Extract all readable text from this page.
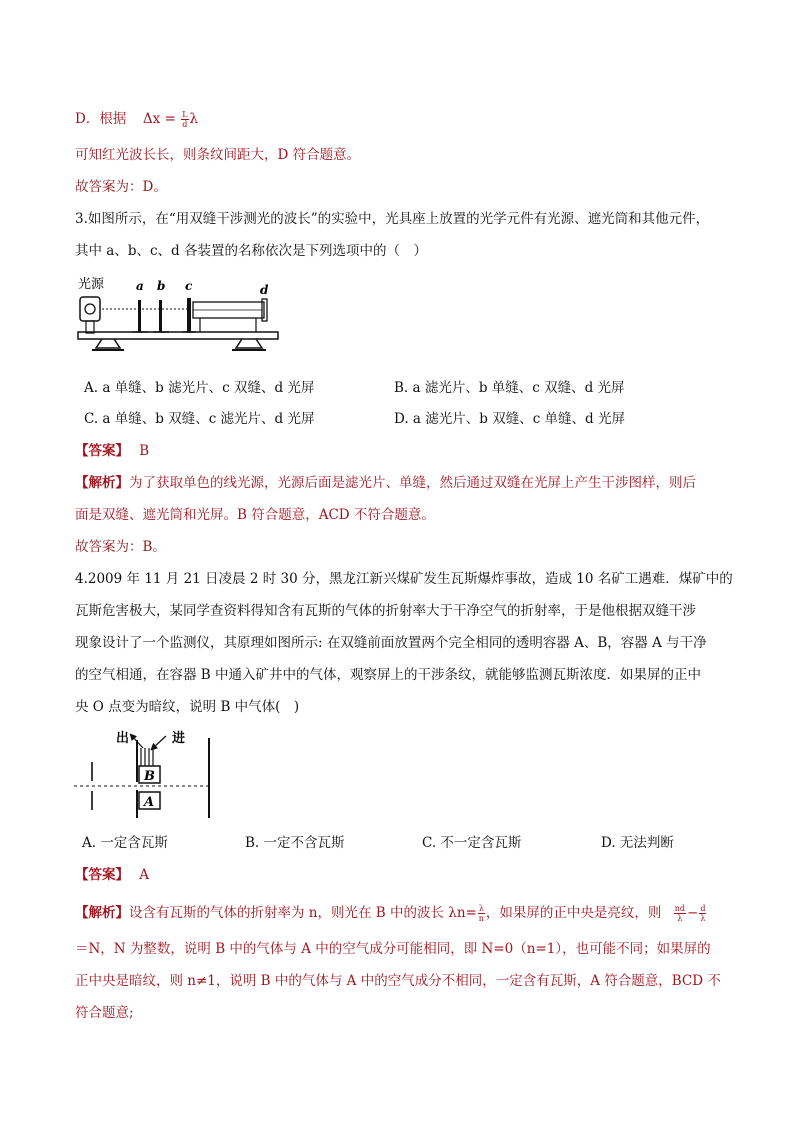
D．根据 $\Delta x = \frac{L}{d}$ λ
可知红光波长长，则条纹间距大，D 符合题意。
故答案为：D。
3.如图所示，在“用双缝干涉测光的波长”的实验中，光具座上放置的光学元件有光源、遮光筒和其他元件，
其中 a、b、c、d 各装置的名称依次是下列选项中的（　）
光源	a b c	d
A. a 单缝、b 滤光片、c 双缝、d 光屏	B. a 滤光片、b 单缝、c 双缝、d 光屏
C. a 单缝、b 双缝、c 滤光片、d 光屏	D. a 滤光片、b 双缝、c 单缝、d 光屏
【答案】 B
【解析】为了获取单色的线光源，光源后面是滤光片、单缝，然后通过双缝在光屏上产生干涉图样，则后
面是双缝、遮光筒和光屏。B 符合题意，ACD 不符合题意。
故答案为：B。
4.2009 年 11 月 21 日凌晨 2 时 30 分，黑龙江新兴煤矿发生瓦斯爆炸事故，造成 10 名矿工遇难．煤矿中的
瓦斯危害极大，某同学查资料得知含有瓦斯的气体的折射率大于干净空气的折射率，于是他根据双缝干涉
现象设计了一个监测仪，其原理如图所示: 在双缝前面放置两个完全相同的透明容器 A、B，容器 A 与干净
的空气相通，在容器 B 中通入矿井中的气体，观察屏上的干涉条纹，就能够监测瓦斯浓度．如果屏的正中
央 O 点变为暗纹，说明 B 中气体(　)
出	进
B
A
A. 一定含瓦斯	B. 一定不含瓦斯	C. 不一定含瓦斯	D. 无法判断
【答案】 A
【解析】设含有瓦斯的气体的折射率为 n，则光在 B 中的波长 $\lambda n= \frac{\lambda}{n}$ ，如果屏的正中央是亮纹，则 $\frac{nd}{\lambda} - \frac{d}{\lambda}$
＝N，N 为整数，说明 B 中的气体与 A 中的空气成分可能相同，即 N=0（n=1），也可能不同；如果屏的
正中央是暗纹，则 n≠1，说明 B 中的气体与 A 中的空气成分不相同，一定含有瓦斯，A 符合题意，BCD 不
符合题意;
